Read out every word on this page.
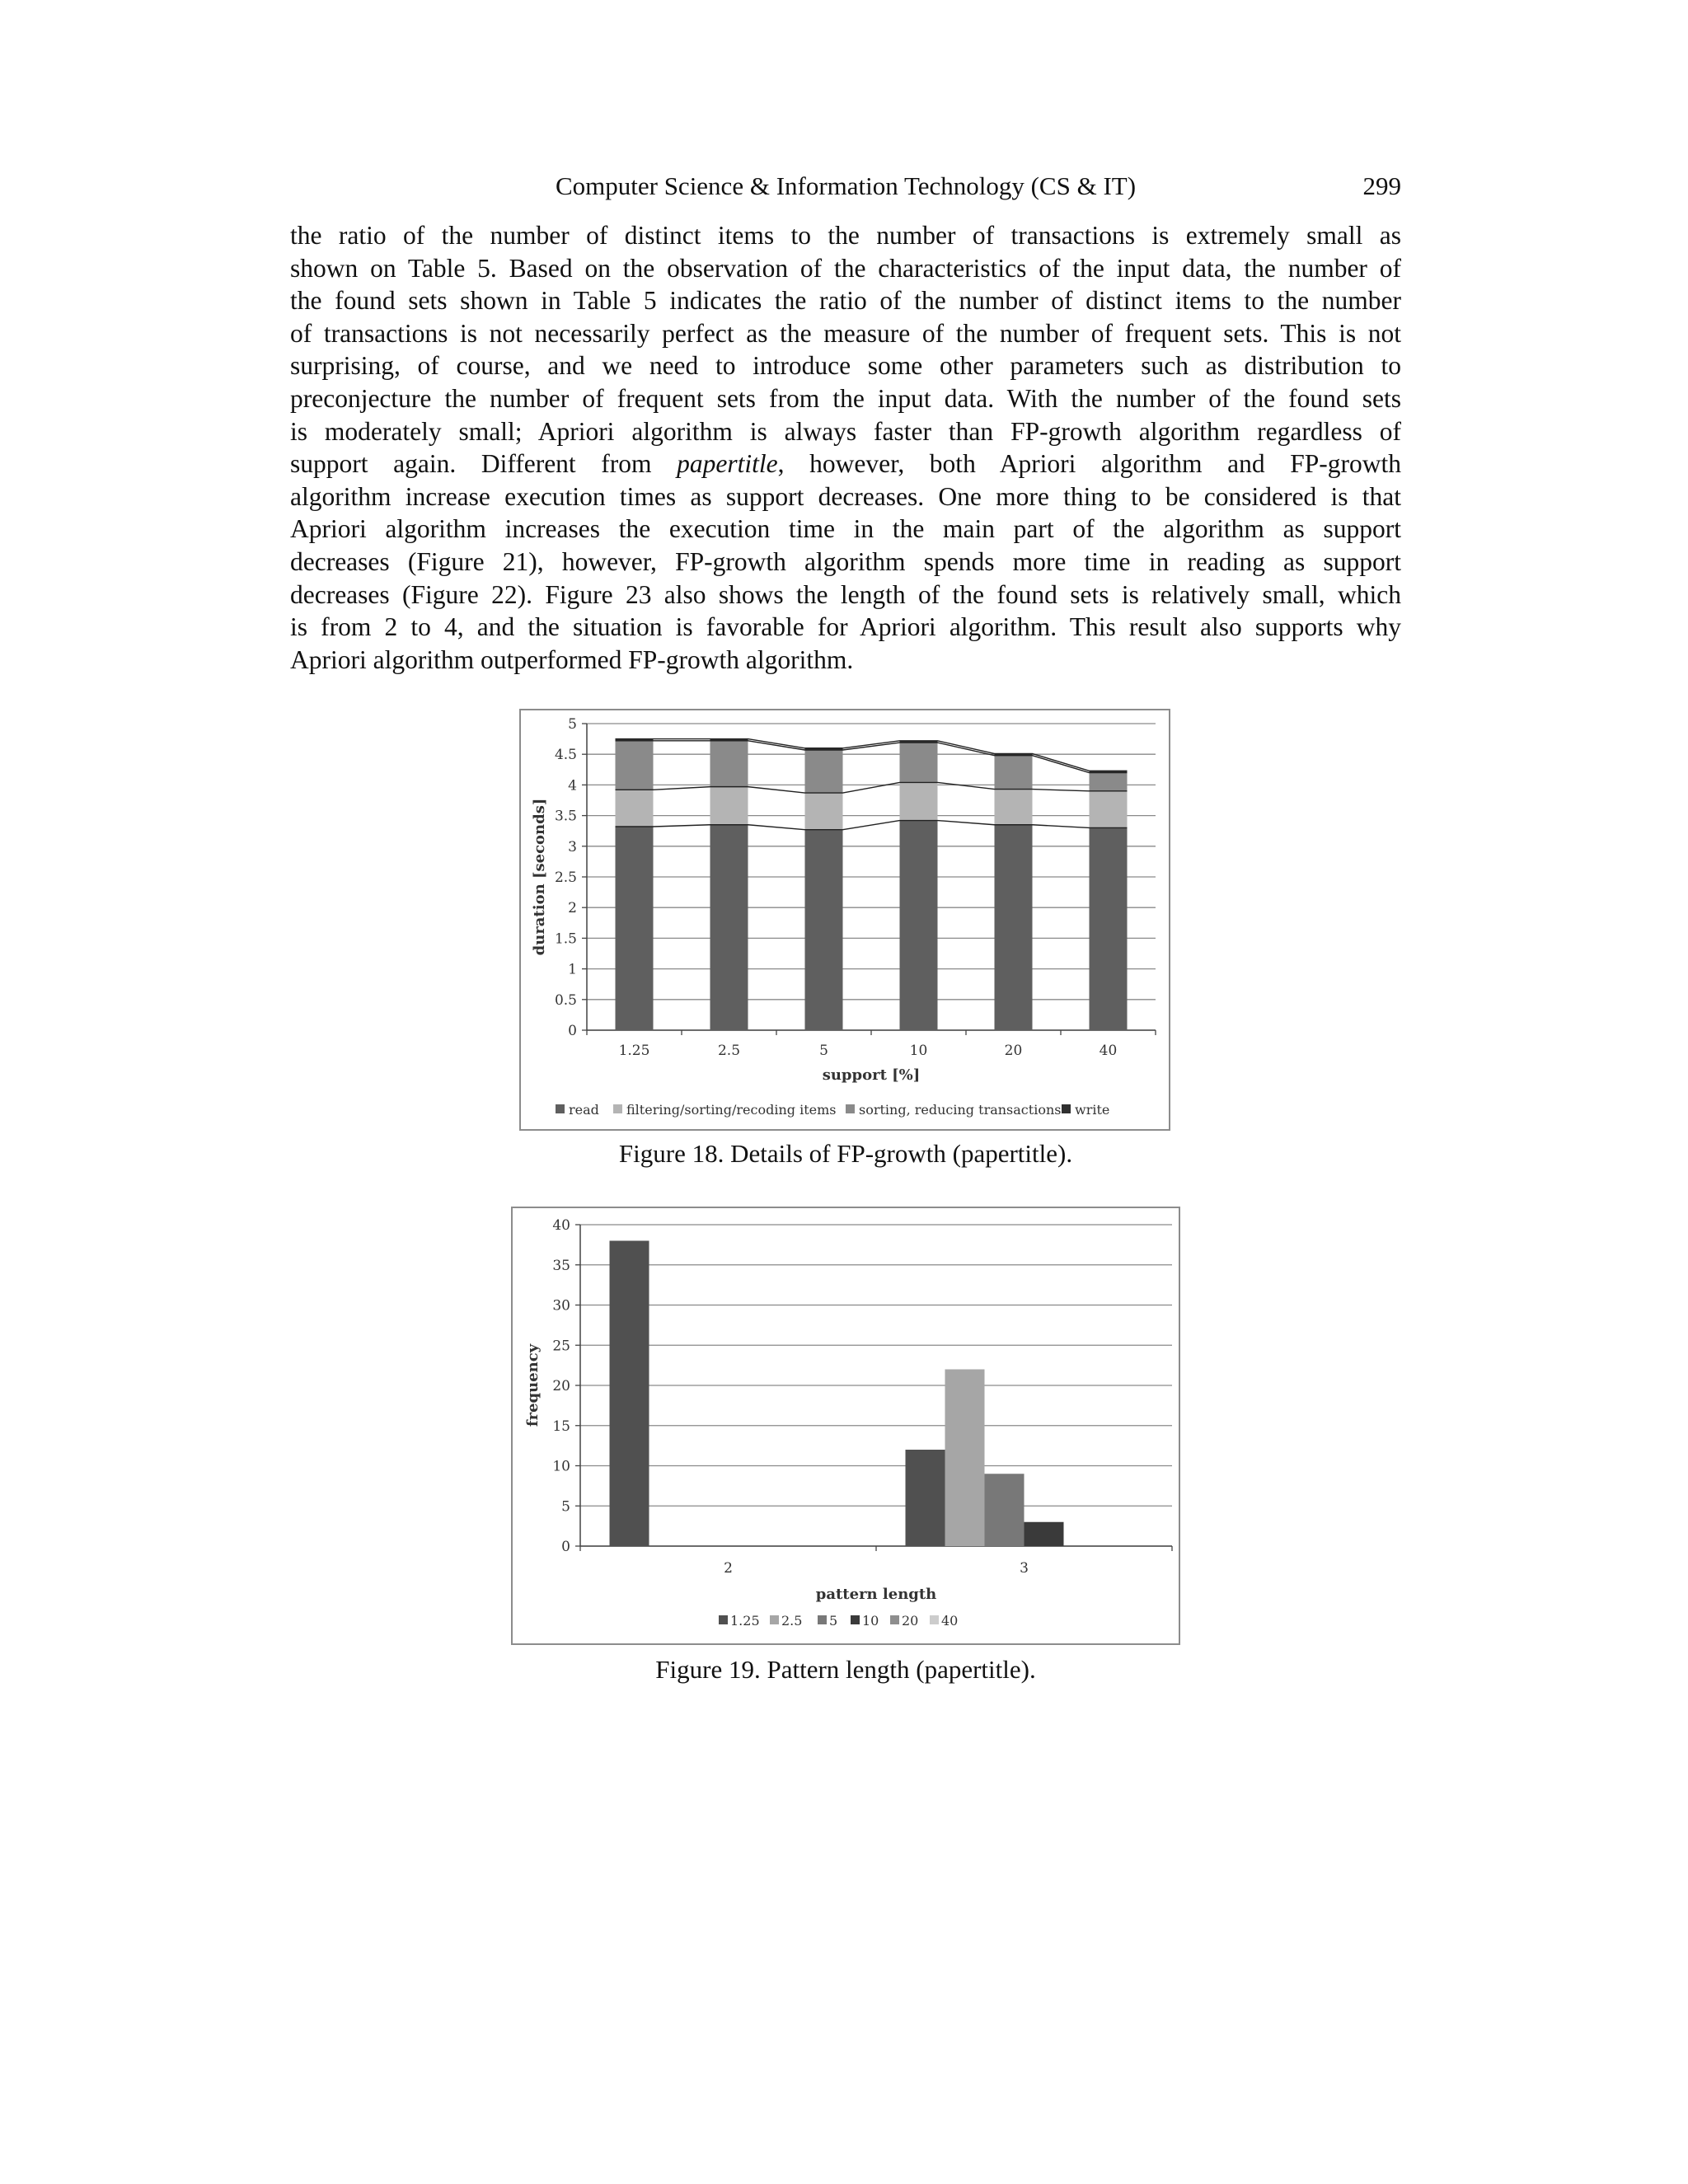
Computer Science & Information Technology (CS & IT)	299
the ratio of the number of distinct items to the number of transactions is extremely small as
shown on Table 5. Based on the observation of the characteristics of the input data, the number of
the found sets shown in Table 5 indicates the ratio of the number of distinct items to the number
of transactions is not necessarily perfect as the measure of the number of frequent sets. This is not
surprising, of course, and we need to introduce some other parameters such as distribution to
preconjecture the number of frequent sets from the input data. With the number of the found sets
is moderately small; Apriori algorithm is always faster than FP-growth algorithm regardless of
support again. Different from papertitle, however, both Apriori algorithm and FP-growth
algorithm increase execution times as support decreases. One more thing to be considered is that
Apriori algorithm increases the execution time in the main part of the algorithm as support
decreases (Figure 21), however, FP-growth algorithm spends more time in reading as support
decreases (Figure 22). Figure 23 also shows the length of the found sets is relatively small, which
is from 2 to 4, and the situation is favorable for Apriori algorithm. This result also supports why
Apriori algorithm outperformed FP-growth algorithm.
0
0.5
1
1.5
2
2.5
3
3.5
4
4.5
5
1.25	2.5	5	10	20	40
support [%]
duration [seconds]
read filtering/sorting/recoding items sorting, reducing transactions write
Figure 18. Details of FP-growth (papertitle).
0
5
10
15
20
25
30
35
40
2	3
pattern length
frequency
1.25 2.5 5 10 20 40
Figure 19. Pattern length (papertitle).
